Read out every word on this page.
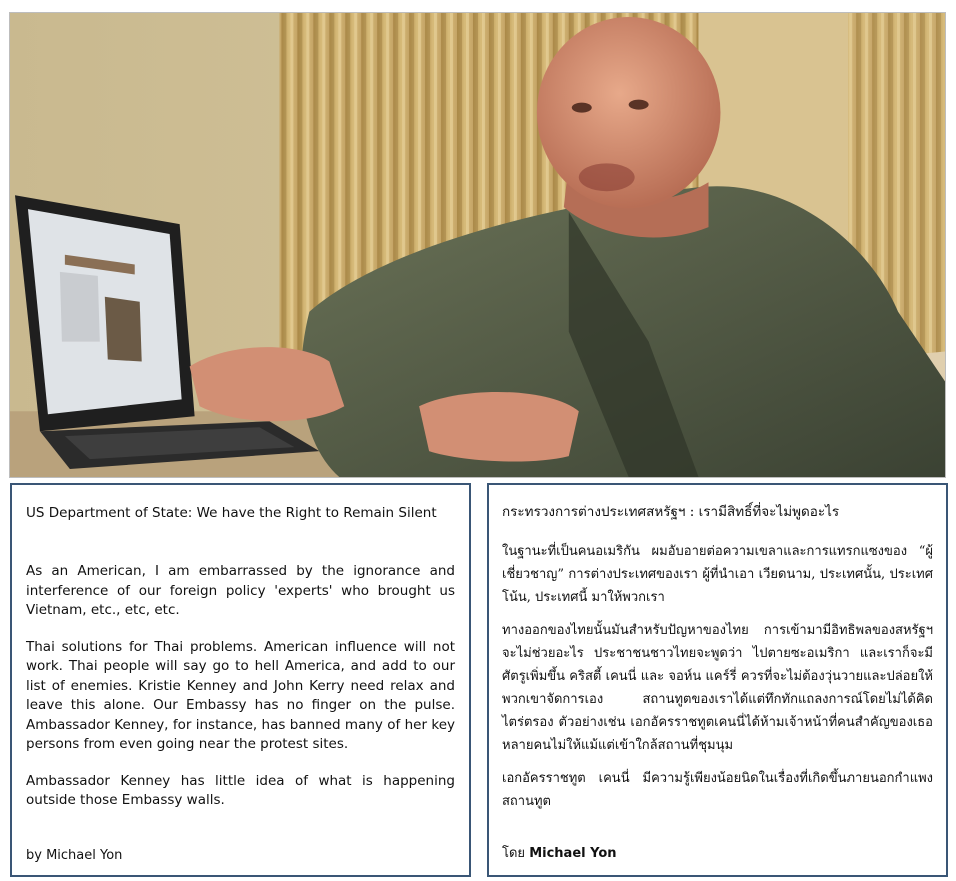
US Department of State: We have the Right to Remain Silent

As an American, I am embarrassed by the ignorance and interference of our foreign policy 'experts' who brought us Vietnam, etc., etc, etc.

Thai solutions for Thai problems. American influence will not work. Thai people will say go to hell America, and add to our list of enemies. Kristie Kenney and John Kerry need relax and leave this alone. Our Embassy has no finger on the pulse. Ambassador Kenney, for instance, has banned many of her key persons from even going near the protest sites.

Ambassador Kenney has little idea of what is happening outside those Embassy walls.

by Michael Yon
กระทรวงการต่างประเทศสหรัฐฯ : เรามีสิทธิ์ที่จะไม่พูดอะไร

ในฐานะที่เป็นคนอเมริกัน ผมอับอายต่อความเขลาและการแทรกแซงของ “ผู้เชี่ยวชาญ” การต่างประเทศของเรา ผู้ที่นำเอา เวียดนาม, ประเทศนั้น, ประเทศโน้น, ประเทศนี้ มาให้พวกเรา

ทางออกของไทยนั้นมันสำหรับปัญหาของไทย การเข้ามามีอิทธิพลของสหรัฐฯจะไม่ช่วยอะไร ประชาชนชาวไทยจะพูดว่า ไปตายซะอเมริกา และเราก็จะมีศัตรูเพิ่มขึ้น คริสตี้ เคนนี่ และ จอห์น แคร์รี่ ควรที่จะไม่ต้องวุ่นวายและปล่อยให้พวกเขาจัดการเอง สถานทูตของเราได้แต่ทึกทักแถลงการณ์โดยไม่ได้คิดไตร่ตรอง ตัวอย่างเช่น เอกอัครราชทูตเคนนี่ได้ห้ามเจ้าหน้าที่คนสำคัญของเธอหลายคนไม่ให้แม้แต่เข้าใกล้สถานที่ชุมนุม

เอกอัครราชทูต เคนนี่ มีความรู้เพียงน้อยนิดในเรื่องที่เกิดขึ้นภายนอกกำแพงสถานทูต

โดย Michael Yon
